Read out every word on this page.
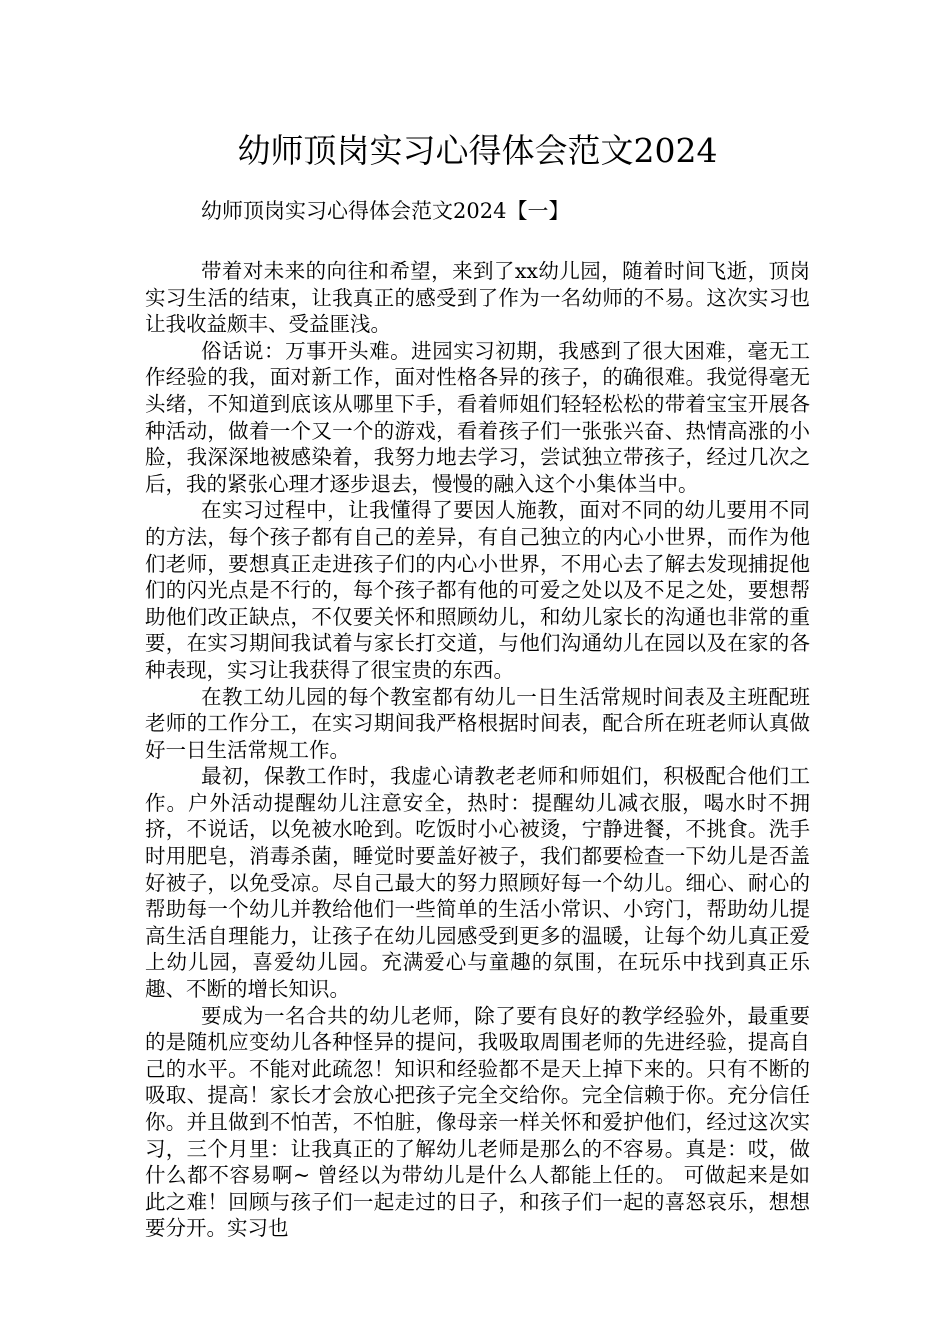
幼师顶岗实习心得体会范文2024
幼师顶岗实习心得体会范文2024【一】

带着对未来的向往和希望，来到了xx幼儿园，随着时间飞逝，顶岗实习生活的结束，让我真正的感受到了作为一名幼师的不易。这次实习也让我收益颇丰、受益匪浅。

俗话说：万事开头难。进园实习初期，我感到了很大困难，毫无工作经验的我，面对新工作，面对性格各异的孩子，的确很难。我觉得毫无头绪，不知道到底该从哪里下手，看着师姐们轻轻松松的带着宝宝开展各种活动，做着一个又一个的游戏，看着孩子们一张张兴奋、热情高涨的小脸，我深深地被感染着，我努力地去学习，尝试独立带孩子，经过几次之后，我的紧张心理才逐步退去，慢慢的融入这个小集体当中。

在实习过程中，让我懂得了要因人施教，面对不同的幼儿要用不同的方法，每个孩子都有自己的差异，有自己独立的内心小世界，而作为他们老师，要想真正走进孩子们的内心小世界，不用心去了解去发现捕捉他们的闪光点是不行的，每个孩子都有他的可爱之处以及不足之处，要想帮助他们改正缺点，不仅要关怀和照顾幼儿，和幼儿家长的沟通也非常的重要，在实习期间我试着与家长打交道，与他们沟通幼儿在园以及在家的各种表现，实习让我获得了很宝贵的东西。

在教工幼儿园的每个教室都有幼儿一日生活常规时间表及主班配班老师的工作分工，在实习期间我严格根据时间表，配合所在班老师认真做好一日生活常规工作。

最初，保教工作时，我虚心请教老老师和师姐们，积极配合他们工作。户外活动提醒幼儿注意安全，热时：提醒幼儿减衣服，喝水时不拥挤，不说话，以免被水呛到。吃饭时小心被烫，宁静进餐，不挑食。洗手时用肥皂，消毒杀菌，睡觉时要盖好被子，我们都要检查一下幼儿是否盖好被子，以免受凉。尽自己最大的努力照顾好每一个幼儿。细心、耐心的帮助每一个幼儿并教给他们一些简单的生活小常识、小窍门，帮助幼儿提高生活自理能力，让孩子在幼儿园感受到更多的温暖，让每个幼儿真正爱上幼儿园，喜爱幼儿园。充满爱心与童趣的氛围，在玩乐中找到真正乐趣、不断的增长知识。

要成为一名合共的幼儿老师，除了要有良好的教学经验外，最重要的是随机应变幼儿各种怪异的提问，我吸取周围老师的先进经验，提高自己的水平。不能对此疏忽！知识和经验都不是天上掉下来的。只有不断的吸取、提高！家长才会放心把孩子完全交给你。完全信赖于你。充分信任你。并且做到不怕苦，不怕脏，像母亲一样关怀和爱护他们，经过这次实习，三个月里：让我真正的了解幼儿老师是那么的不容易。真是：哎，做什么都不容易啊~ 曾经以为带幼儿是什么人都能上任的。 可做起来是如此之难！回顾与孩子们一起走过的日子，和孩子们一起的喜怒哀乐，想想要分开。实习也
